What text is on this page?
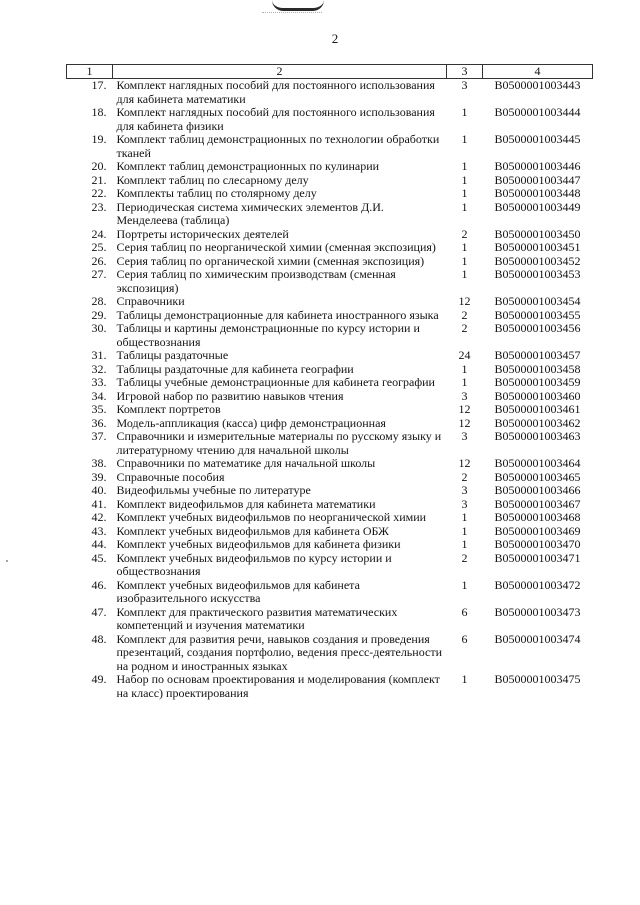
2
1	2	3	4
17.	Комплект наглядных пособий для постоянного использования для кабинета математики	3	B0500001003443
18.	Комплект наглядных пособий для постоянного использования для кабинета физики	1	B0500001003444
19.	Комплект таблиц демонстрационных по технологии обработки тканей	1	B0500001003445
20.	Комплект таблиц демонстрационных по кулинарии	1	B0500001003446
21.	Комплект таблиц по слесарному делу	1	B0500001003447
22.	Комплекты таблиц по столярному делу	1	B0500001003448
23.	Периодическая система химических элементов Д.И. Менделеева (таблица)	1	B0500001003449
24.	Портреты исторических деятелей	2	B0500001003450
25.	Серия таблиц по неорганической химии (сменная экспозиция)	1	B0500001003451
26.	Серия таблиц по органической химии (сменная экспозиция)	1	B0500001003452
27.	Серия таблиц по химическим производствам (сменная экспозиция)	1	B0500001003453
28.	Справочники	12	B0500001003454
29.	Таблицы демонстрационные для кабинета иностранного языка	2	B0500001003455
30.	Таблицы и картины демонстрационные по курсу истории и обществознания	2	B0500001003456
31.	Таблицы раздаточные	24	B0500001003457
32.	Таблицы раздаточные для кабинета географии	1	B0500001003458
33.	Таблицы учебные демонстрационные для кабинета географии	1	B0500001003459
34.	Игровой набор по развитию навыков чтения	3	B0500001003460
35.	Комплект портретов	12	B0500001003461
36.	Модель-аппликация (касса) цифр демонстрационная	12	B0500001003462
37.	Справочники и измерительные материалы по русскому языку и литературному чтению для начальной школы	3	B0500001003463
38.	Справочники по математике для начальной школы	12	B0500001003464
39.	Справочные пособия	2	B0500001003465
40.	Видеофильмы учебные по литературе	3	B0500001003466
41.	Комплект видеофильмов для кабинета математики	3	B0500001003467
42.	Комплект учебных видеофильмов по неорганической химии	1	B0500001003468
43.	Комплект учебных видеофильмов для кабинета ОБЖ	1	B0500001003469
44.	Комплект учебных видеофильмов для кабинета физики	1	B0500001003470
45.	Комплект учебных видеофильмов по курсу истории и обществознания	2	B0500001003471
46.	Комплект учебных видеофильмов для кабинета изобразительного искусства	1	B0500001003472
47.	Комплект для практического развития математических компетенций и изучения математики	6	B0500001003473
48.	Комплект для развития речи, навыков создания и проведения презентаций, создания портфолио, ведения пресс-деятельности на родном и иностранных языках	6	B0500001003474
49.	Набор по основам проектирования и моделирования (комплект на класс) проектирования	1	B0500001003475
